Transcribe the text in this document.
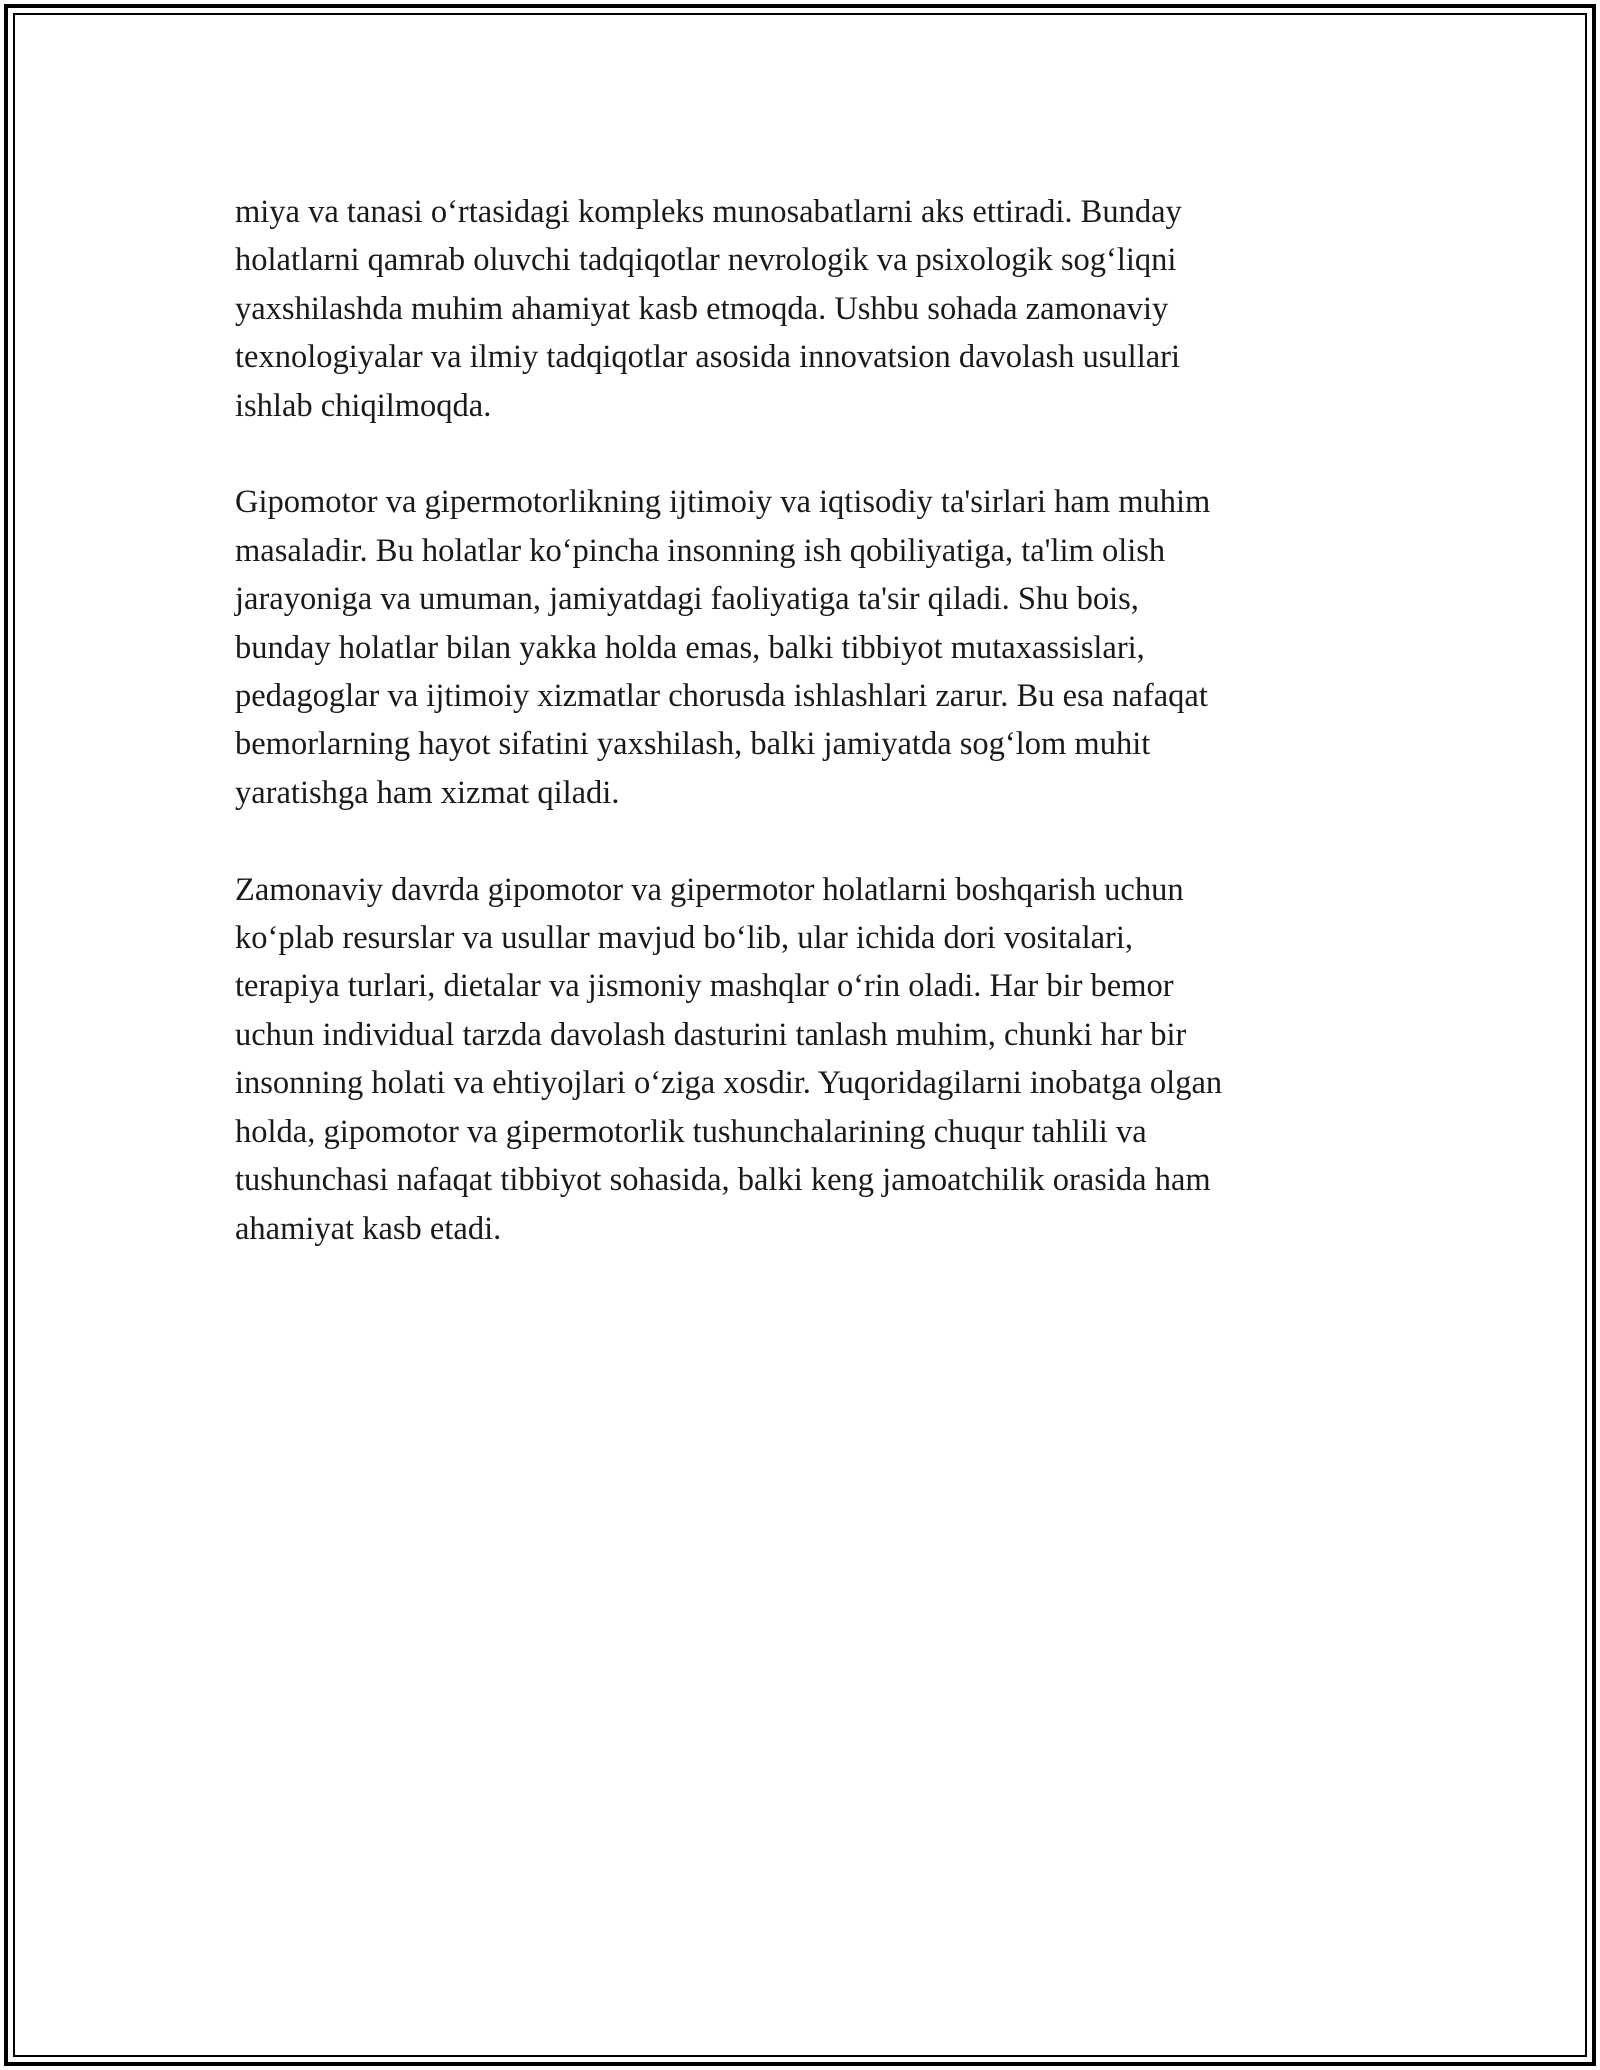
miya va tanasi o‘rtasidagi kompleks munosabatlarni aks ettiradi. Bunday
holatlarni qamrab oluvchi tadqiqotlar nevrologik va psixologik sog‘liqni
yaxshilashda muhim ahamiyat kasb etmoqda. Ushbu sohada zamonaviy
texnologiyalar va ilmiy tadqiqotlar asosida innovatsion davolash usullari
ishlab chiqilmoqda.

Gipomotor va gipermotorlikning ijtimoiy va iqtisodiy ta'sirlari ham muhim
masaladir. Bu holatlar ko‘pincha insonning ish qobiliyatiga, ta'lim olish
jarayoniga va umuman, jamiyatdagi faoliyatiga ta'sir qiladi. Shu bois,
bunday holatlar bilan yakka holda emas, balki tibbiyot mutaxassislari,
pedagoglar va ijtimoiy xizmatlar chorusda ishlashlari zarur. Bu esa nafaqat
bemorlarning hayot sifatini yaxshilash, balki jamiyatda sog‘lom muhit
yaratishga ham xizmat qiladi.

Zamonaviy davrda gipomotor va gipermotor holatlarni boshqarish uchun
ko‘plab resurslar va usullar mavjud bo‘lib, ular ichida dori vositalari,
terapiya turlari, dietalar va jismoniy mashqlar o‘rin oladi. Har bir bemor
uchun individual tarzda davolash dasturini tanlash muhim, chunki har bir
insonning holati va ehtiyojlari o‘ziga xosdir. Yuqoridagilarni inobatga olgan
holda, gipomotor va gipermotorlik tushunchalarining chuqur tahlili va
tushunchasi nafaqat tibbiyot sohasida, balki keng jamoatchilik orasida ham
ahamiyat kasb etadi.
